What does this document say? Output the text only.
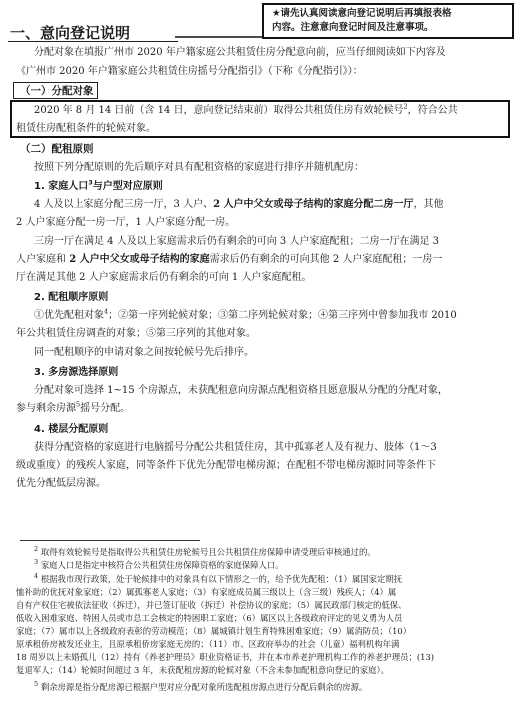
★请先认真阅读意向登记说明后再填报表格
内容。注意意向登记时间及注意事项。
一、意向登记说明
分配对象在填报广州市 2020 年户籍家庭公共租赁住房分配意向前，应当仔细阅读如下内容及
《广州市 2020 年户籍家庭公共租赁住房摇号分配指引》（下称《分配指引》）：
（一）分配对象
2020 年 8 月 14 日前（含 14 日，意向登记结束前）取得公共租赁住房有效轮候号$^2$，符合公共
租赁住房配租条件的轮候对象。
（二）配租原则
按照下列分配原则的先后顺序对具有配租资格的家庭进行排序并随机配房：
1. 家庭人口$^3$与户型对应原则
4 人及以上家庭分配三房一厅，3 人户、2 人户中父女或母子结构的家庭分配二房一厅，其他
2 人户家庭分配一房一厅，1 人户家庭分配一房。
三房一厅在满足 4 人及以上家庭需求后仍有剩余的可向 3 人户家庭配租；二房一厅在满足 3
人户家庭和 2 人户中父女或母子结构的家庭需求后仍有剩余的可向其他 2 人户家庭配租；一房一
厅在满足其他 2 人户家庭需求后仍有剩余的可向 1 人户家庭配租。
2. 配租顺序原则
①优先配租对象$^4$；②第一序列轮候对象；③第二序列轮候对象；④第三序列中曾参加我市 2010
年公共租赁住房调查的对象；⑤第三序列的其他对象。
同一配租顺序的申请对象之间按轮候号先后排序。
3. 多房源选择原则
分配对象可选择 1~15 个房源点，未获配租意向房源点配租资格且愿意服从分配的分配对象，
参与剩余房源$^5$摇号分配。
4. 楼层分配原则
获得分配资格的家庭进行电脑摇号分配公共租赁住房，其中孤寡老人及有视力、肢体（1～3
级或重度）的残疾人家庭，同等条件下优先分配带电梯房源；在配租不带电梯房源时同等条件下
优先分配低层房源。
$^2$ 取得有效轮候号是指取得公共租赁住房轮候号且公共租赁住房保障申请受理后审核通过的。
$^3$ 家庭人口是指定申核符合公共租赁住房保障资格的家庭保障人口。
$^4$ 根据我市现行政策，处于轮候排中的对象具有以下情形之一的，给予优先配租：（1）属国家定期抚
恤补助的优抚对象家庭；（2）属孤寡老人家庭；（3）有家庭成员属三级以上（含三级）残疾人；（4）属
自有产权住宅被依法征收（拆迁），并已签订征收（拆迁）补偿协议的家庭；（5）属民政部门核定的低保、
低收入困难家庭、特困人员或市总工会核定的特困职工家庭；（6）属区以上各级政府评定的见义勇为人员
家庭；（7）属市以上各级政府表彰的劳动模范；（8）属城镇计划生育特殊困难家庭；（9）属消防员；（10）
原承租侨房被发还业主，且原承租侨房家庭无房的；（11）市、区政府举办的社会（儿童）福利机构年满
18 周岁以上未婚孤儿（12）持有《养老护理员》职业资格证书，并在本市养老护理机构工作的养老护理员；(13)
复退军人；（14）轮候时间超过 3 年，未获配租房源的轮候对象（不含未参加配租意向登记的家庭）。
$^5$ 剩余房源是指分配房源已根据户型对应分配对象所选配租房源点进行分配后剩余的房源。
